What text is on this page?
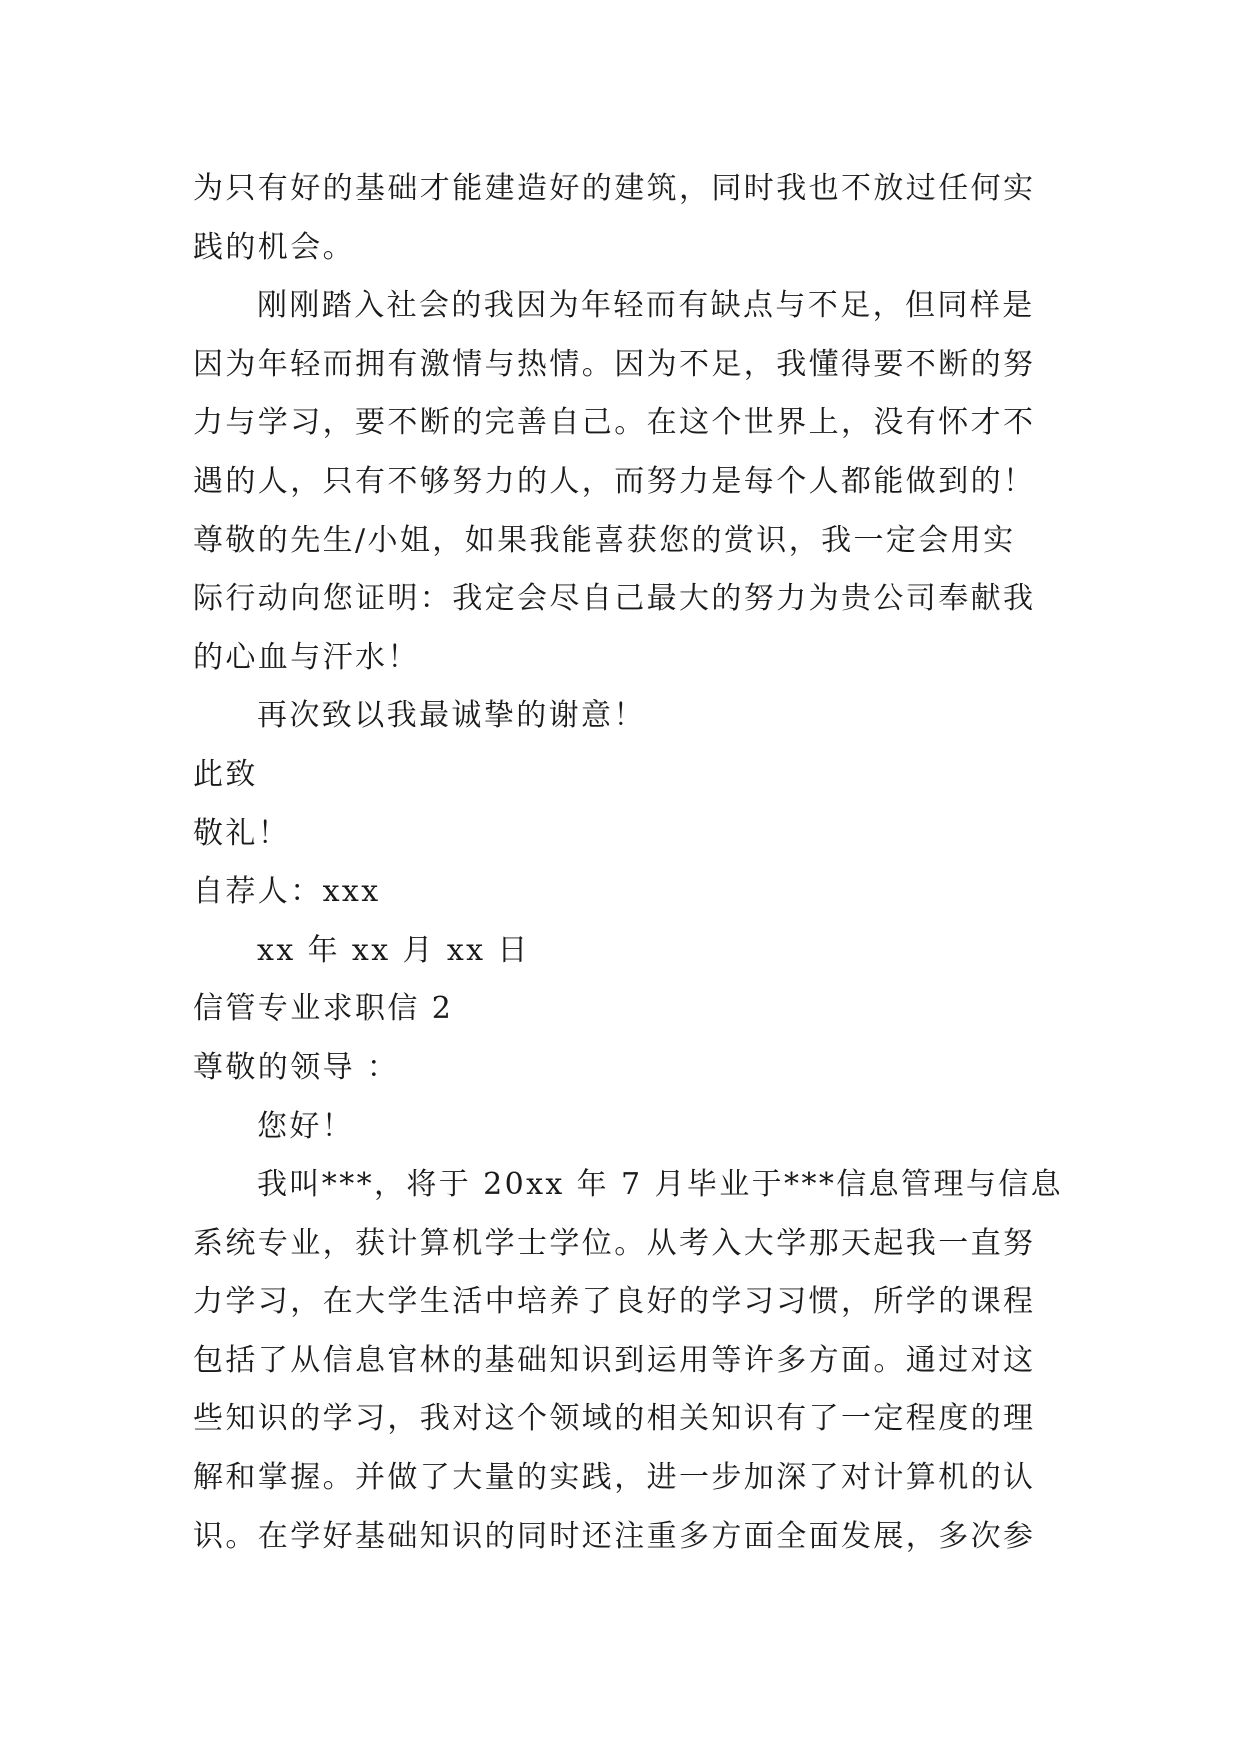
为只有好的基础才能建造好的建筑，同时我也不放过任何实
践的机会。
刚刚踏入社会的我因为年轻而有缺点与不足，但同样是
因为年轻而拥有激情与热情。因为不足，我懂得要不断的努
力与学习，要不断的完善自己。在这个世界上，没有怀才不
遇的人，只有不够努力的人，而努力是每个人都能做到的！
尊敬的先生/小姐，如果我能喜获您的赏识，我一定会用实
际行动向您证明：我定会尽自己最大的努力为贵公司奉献我
的心血与汗水！
再次致以我最诚挚的谢意！
此致
敬礼！
自荐人：xxx
xx 年 xx 月 xx 日
信管专业求职信 2
尊敬的领导 ：
您好！
我叫***，将于 20xx 年 7 月毕业于***信息管理与信息
系统专业，获计算机学士学位。从考入大学那天起我一直努
力学习，在大学生活中培养了良好的学习习惯，所学的课程
包括了从信息官林的基础知识到运用等许多方面。通过对这
些知识的学习，我对这个领域的相关知识有了一定程度的理
解和掌握。并做了大量的实践，进一步加深了对计算机的认
识。在学好基础知识的同时还注重多方面全面发展，多次参
